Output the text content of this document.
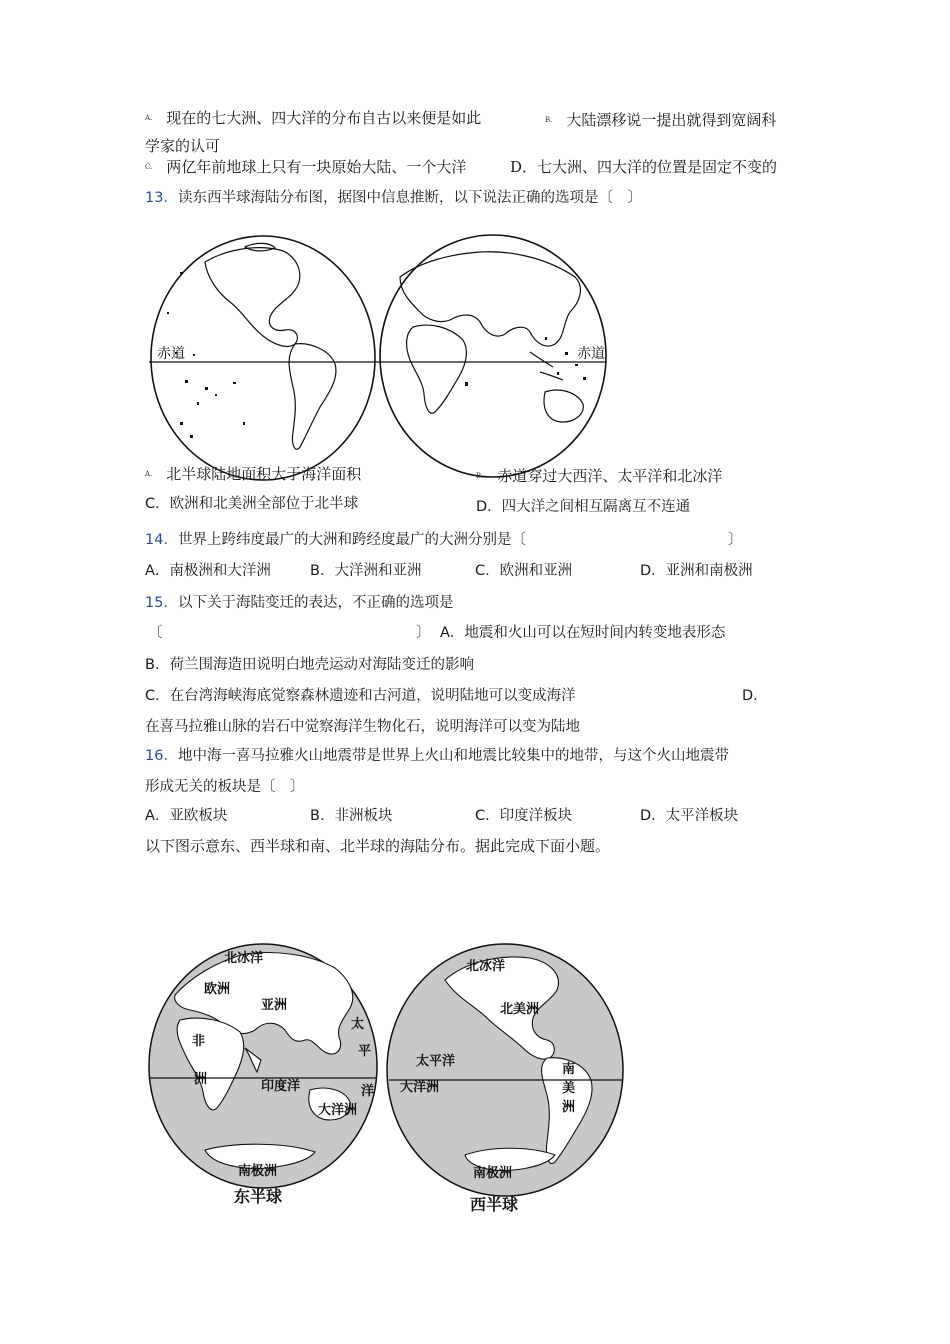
$^{A.}$ 现在的七大洲、四大洋的分布自古以来便是如此	$^{B.}$ 大陆漂移说一提出就得到宽阔科
学家的认可
$^{C.}$ 两亿年前地球上只有一块原始大陆、一个大洋	D．七大洲、四大洋的位置是固定不变的
13．读东西半球海陆分布图，据图中信息推断，以下说法正确的选项是〔　〕
赤道	赤道
$^{A.}$ 北半球陆地面积大于海洋面积	$^{B.}$ 赤道穿过大西洋、太平洋和北冰洋
C．欧洲和北美洲全部位于北半球	D．四大洋之间相互隔离互不连通
14．世界上跨纬度最广的大洲和跨经度最广的大洲分别是〔	〕
A．南极洲和大洋洲	B．大洋洲和亚洲	C．欧洲和亚洲	D．亚洲和南极洲
15．以下关于海陆变迁的表达，不正确的选项是
〔	〕 A．地震和火山可以在短时间内转变地表形态
B．荷兰围海造田说明白地壳运动对海陆变迁的影响
C．在台湾海峡海底觉察森林遗迹和古河道，说明陆地可以变成海洋	D．
在喜马拉雅山脉的岩石中觉察海洋生物化石，说明海洋可以变为陆地
16．地中海一喜马拉雅火山地震带是世界上火山和地震比较集中的地带，与这个火山地震带
形成无关的板块是〔　〕
A．亚欧板块	B．非洲板块	C．印度洋板块	D．太平洋板块
以下图示意东、西半球和南、北半球的海陆分布。据此完成下面小题。
北冰洋
欧洲
亚洲
太
平
洋
非
洲	印度洋
大洋洲
南极洲
东半球
北冰洋
北美洲
太平洋
大洋洲
南
美
洲
南极洲
西半球
